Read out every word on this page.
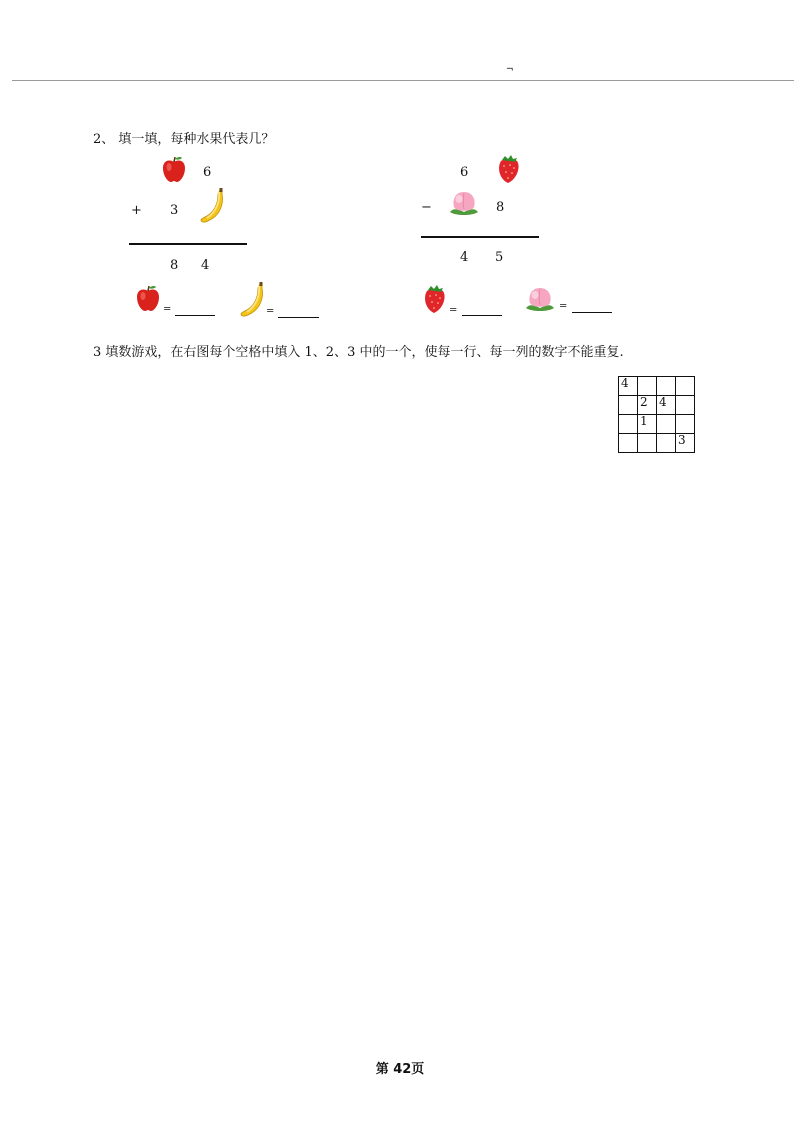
¬
2、 填一填，每种水果代表几？
6
+ 3
8 4
6
−	8
4 5
=	=	=	=
3 填数游戏，在右图每个空格中填入 1、2、3 中的一个，使每一行、每一列的数字不能重复.
4			
	2	4	
	1		
			3
第 42页
